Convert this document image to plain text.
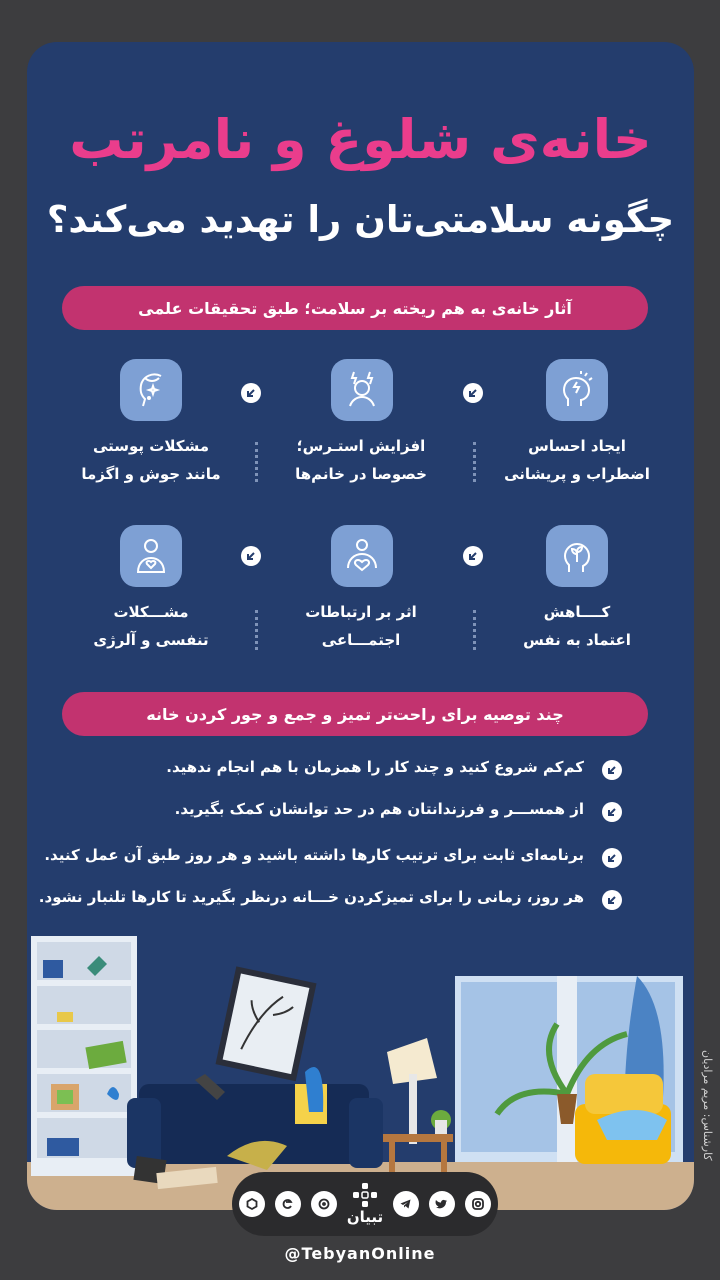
خانه‌ی شلوغ و نامرتب
چگونه سلامتی‌تان را تهدید می‌کند؟
آثار خانه‌ی به‌ هم‌ ریخته بر سلامت؛ طبق تحقیقات علمی
ایجاد احساس
اضطراب و پریشانی
افزایش استـرس؛
خصوصا در خانم‌ها
مشکلات پوستی
مانند جوش و اگزما
کــــاهش
اعتماد به نفس
اثر بر ارتباطات
اجتمـــاعی
مشـــکلات
تنفسی و آلرژی
چند توصیه برای راحت‌تر تمیز و جمع‌ و جور کردن خانه
کم‌کم شروع کنید و چند کار را همزمان با هم انجام ندهید.
از همســـر و فرزندانتان هم در حد توانشان کمک بگیرید.
برنامه‌ای ثابت برای ترتیب کارها داشته باشید و هر روز طبق آن عمل کنید.
هر روز، زمانی را برای تمیزکردن خـــانه درنظر بگیرید تا کارها تلنبار نشود.
کارشناس: مریم مرادیان
تبیان
@TebyanOnline
